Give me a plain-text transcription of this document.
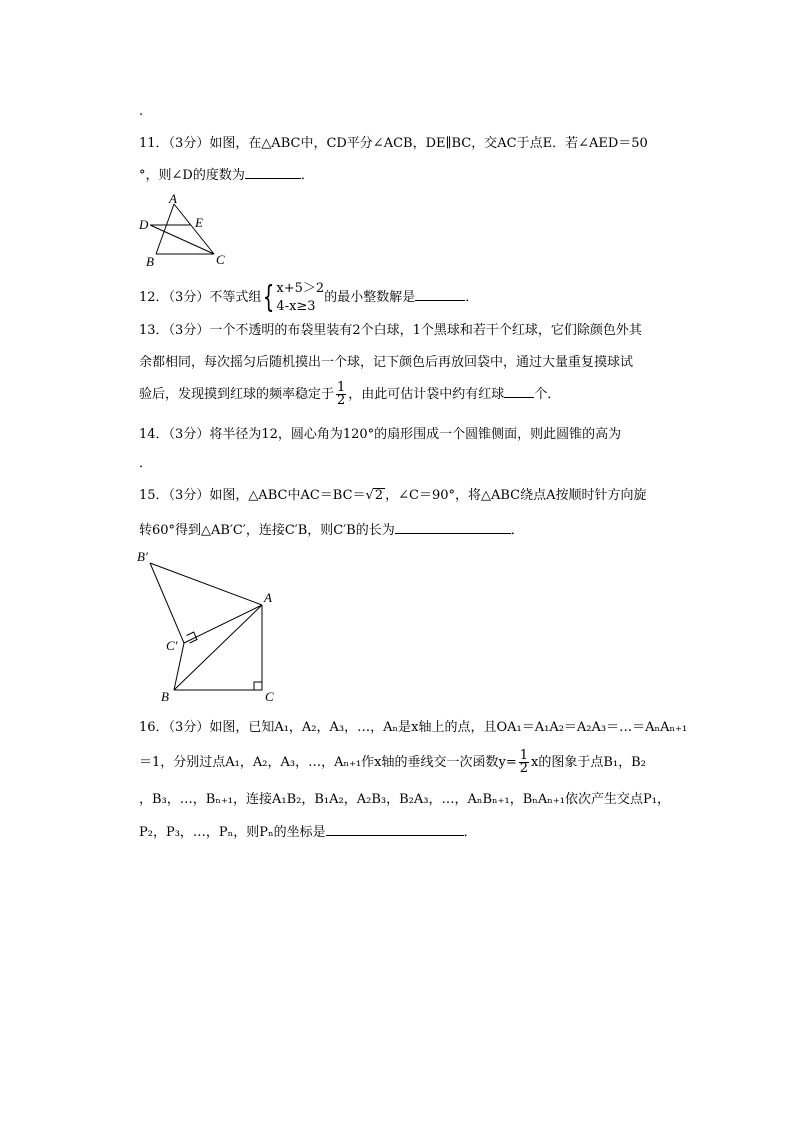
.
11．（3分）如图，在△ABC中，CD平分∠ACB，DE∥BC，交AC于点E．若∠AED＝50
°，则∠D的度数为	．
A
D	E
B	C
12．（3分）不等式组{ x+5＞2
4-x≥3
的最小整数解是	．
13．（3分）一个不透明的布袋里装有2个白球，1个黑球和若干个红球，它们除颜色外其
余都相同，每次摇匀后随机摸出一个球，记下颜色后再放回袋中，通过大量重复摸球试
验后，发现摸到红球的频率稳定于 $\frac{1}{2}$ ，由此可估计袋中约有红球 个．
14．（3分）将半径为12，圆心角为120°的扇形围成一个圆锥侧面，则此圆锥的高为
．
15．（3分）如图，△ABC中AC＝BC＝√2 ，∠C＝90°，将△ABC绕点A按顺时针方向旋
转60°得到△AB′C′，连接C′B，则C′B的长为	．
B′
A
C′
B	C
16．（3分）如图，已知A₁，A₂，A₃，…，Aₙ是x轴上的点，且OA₁＝A₁A₂＝A₂A₃＝…＝AₙAₙ₊₁
＝1，分别过点A₁，A₂，A₃，…，Aₙ₊₁作x轴的垂线交一次函数$y= \frac{1}{2}$ x的图象于点B₁，B₂
，B₃，…，Bₙ₊₁，连接A₁B₂，B₁A₂，A₂B₃，B₂A₃，…，AₙBₙ₊₁，BₙAₙ₊₁依次产生交点P₁，
P₂，P₃，…，Pₙ，则Pₙ的坐标是	．
